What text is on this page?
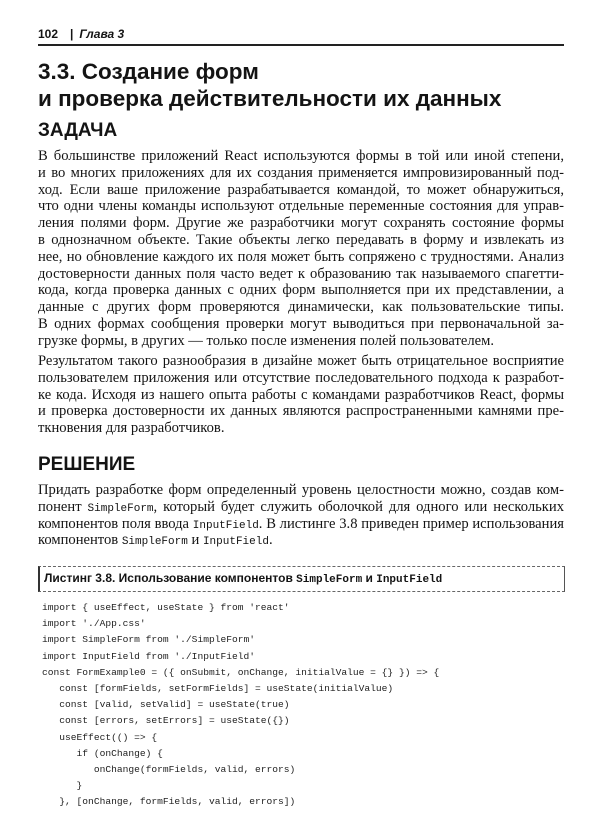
102 | Глава 3
3.3. Создание форм
и проверка действительности их данных
ЗАДАЧА
В большинстве приложений React используются формы в той или иной степени,
и во многих приложениях для их создания применяется импровизированный под-
ход. Если ваше приложение разрабатывается командой, то может обнаружиться,
что одни члены команды используют отдельные переменные состояния для управ-
ления полями форм. Другие же разработчики могут сохранять состояние формы
в однозначном объекте. Такие объекты легко передавать в форму и извлекать из
нее, но обновление каждого их поля может быть сопряжено с трудностями. Анализ
достоверности данных поля часто ведет к образованию так называемого спагетти-
кода, когда проверка данных с одних форм выполняется при их представлении, а
данные с других форм проверяются динамически, как пользовательские типы.
В одних формах сообщения проверки могут выводиться при первоначальной за-
грузке формы, в других — только после изменения полей пользователем.
Результатом такого разнообразия в дизайне может быть отрицательное восприятие
пользователем приложения или отсутствие последовательного подхода к разработ-
ке кода. Исходя из нашего опыта работы с командами разработчиков React, формы
и проверка достоверности их данных являются распространенными камнями пре-
ткновения для разработчиков.
РЕШЕНИЕ
Придать разработке форм определенный уровень целостности можно, создав ком-
понент SimpleForm, который будет служить оболочкой для одного или нескольких
компонентов поля ввода InputField. В листинге 3.8 приведен пример использования
компонентов SimpleForm и InputField.
Листинг 3.8. Использование компонентов SimpleForm и InputField
import { useEffect, useState } from 'react'
import './App.css'
import SimpleForm from './SimpleForm'
import InputField from './InputField'
const FormExample0 = ({ onSubmit, onChange, initialValue = {} }) => {
const [formFields, setFormFields] = useState(initialValue)
const [valid, setValid] = useState(true)
const [errors, setErrors] = useState({})
useEffect(() => {
if (onChange) {
onChange(formFields, valid, errors)
}
}, [onChange, formFields, valid, errors])
